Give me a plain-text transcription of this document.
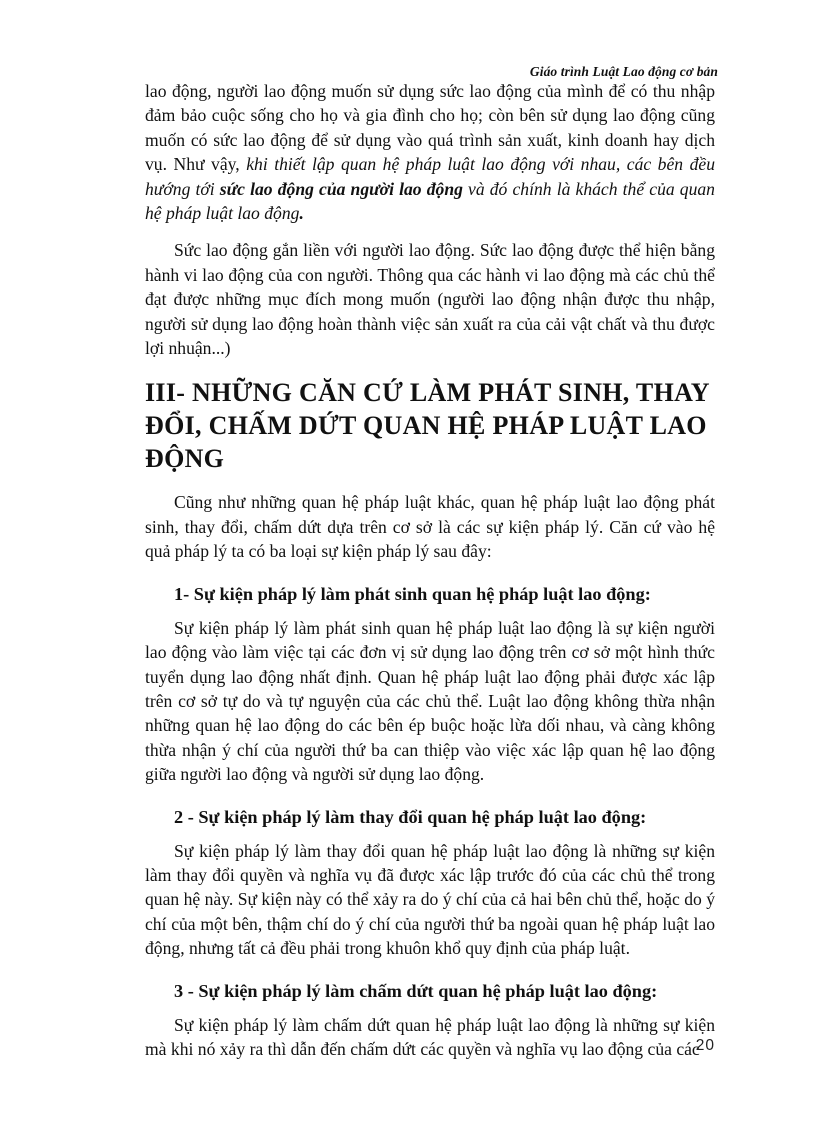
Giáo trình Luật Lao động cơ bản

lao động, người lao động muốn sử dụng sức lao động của mình để có thu nhập đảm bảo cuộc sống cho họ và gia đình cho họ; còn bên sử dụng lao động cũng muốn có sức lao động để sử dụng vào quá trình sản xuất, kinh doanh hay dịch vụ. Như vậy, khi thiết lập quan hệ pháp luật lao động với nhau, các bên đều hướng tới sức lao động của người lao động và đó chính là khách thể của quan hệ pháp luật lao động.

Sức lao động gắn liền với người lao động. Sức lao động được thể hiện bằng hành vi lao động của con người. Thông qua các hành vi lao động mà các chủ thể đạt được những mục đích mong muốn (người lao động nhận được thu nhập, người sử dụng lao động hoàn thành việc sản xuất ra của cải vật chất và thu được lợi nhuận...)

III- NHỮNG CĂN CỨ LÀM PHÁT SINH, THAY ĐỔI, CHẤM DỨT QUAN HỆ PHÁP LUẬT LAO ĐỘNG

Cũng như những quan hệ pháp luật khác, quan hệ pháp luật lao động phát sinh, thay đổi, chấm dứt dựa trên cơ sở là các sự kiện pháp lý. Căn cứ vào hệ quả pháp lý ta có ba loại sự kiện pháp lý sau đây:

1- Sự kiện pháp lý làm phát sinh quan hệ pháp luật lao động:

Sự kiện pháp lý làm phát sinh quan hệ pháp luật lao động là sự kiện người lao động vào làm việc tại các đơn vị sử dụng lao động trên cơ sở một hình thức tuyển dụng lao động nhất định. Quan hệ pháp luật lao động phải được xác lập trên cơ sở tự do và tự nguyện của các chủ thể. Luật lao động không thừa nhận những quan hệ lao động do các bên ép buộc hoặc lừa dối nhau, và càng không thừa nhận ý chí của người thứ ba can thiệp vào việc xác lập quan hệ lao động giữa người lao động và người sử dụng lao động.

2 - Sự kiện pháp lý làm thay đổi quan hệ pháp luật lao động:

Sự kiện pháp lý làm thay đổi quan hệ pháp luật lao động là những sự kiện làm thay đổi quyền và nghĩa vụ đã được xác lập trước đó của các chủ thể trong quan hệ này. Sự kiện này có thể xảy ra do ý chí của cả hai bên chủ thể, hoặc do ý chí của một bên, thậm chí do ý chí của người thứ ba ngoài quan hệ pháp luật lao động, nhưng tất cả đều phải trong khuôn khổ quy định của pháp luật.

3 - Sự kiện pháp lý làm chấm dứt quan hệ pháp luật lao động:

Sự kiện pháp lý làm chấm dứt quan hệ pháp luật lao động là những sự kiện mà khi nó xảy ra thì dẫn đến chấm dứt các quyền và nghĩa vụ lao động của các

20
